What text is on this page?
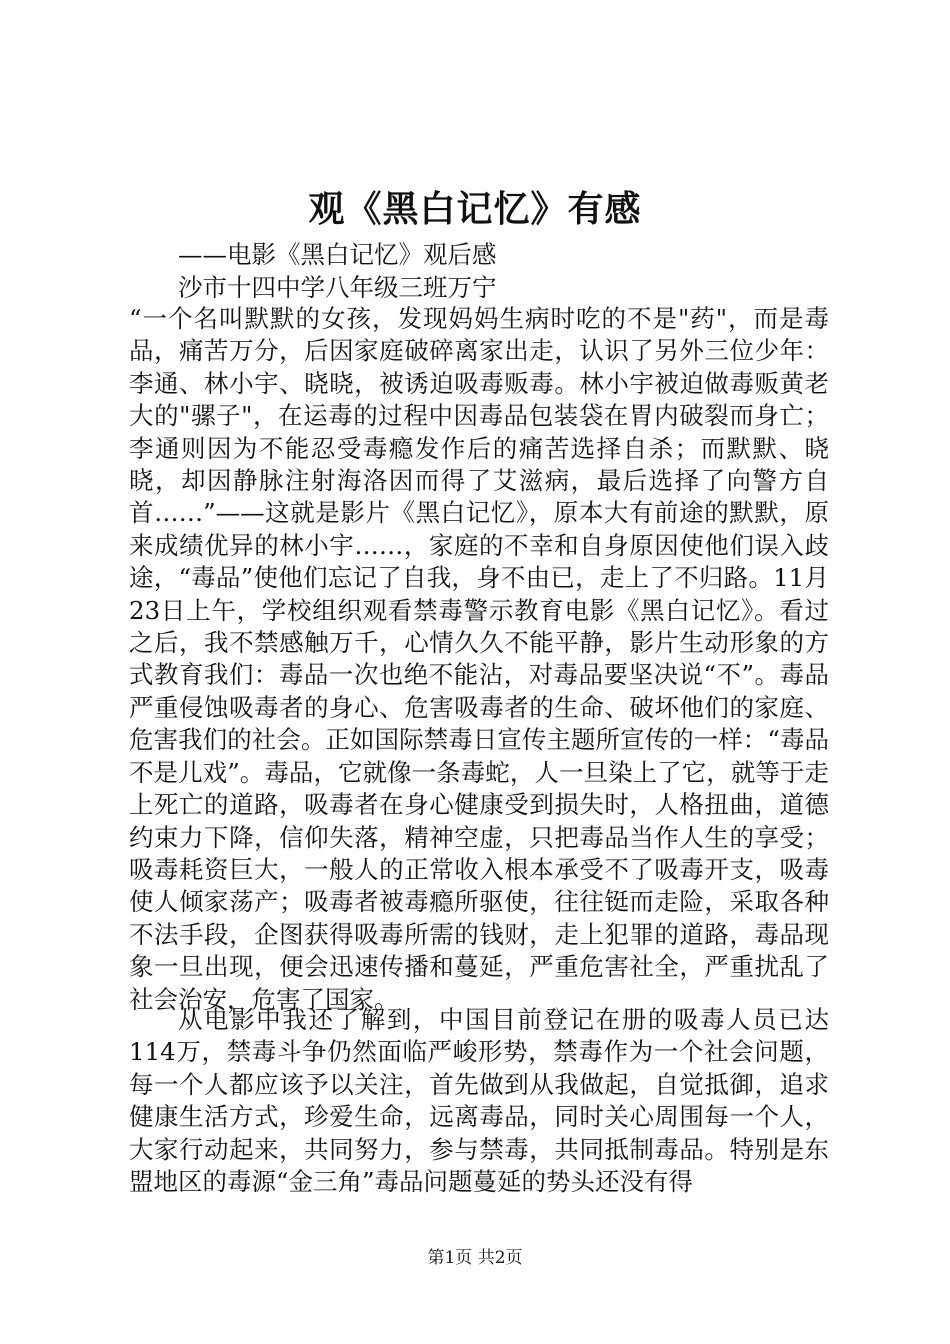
观《黑白记忆》有感
——电影《黑白记忆》观后感
沙市十四中学八年级三班万宁

“一个名叫默默的女孩，发现妈妈生病时吃的不是"药"，而是毒品，痛苦万分，后因家庭破碎离家出走，认识了另外三位少年：李通、林小宇、晓晓，被诱迫吸毒贩毒。林小宇被迫做毒贩黄老大的"骡子"，在运毒的过程中因毒品包装袋在胃内破裂而身亡；李通则因为不能忍受毒瘾发作后的痛苦选择自杀；而默默、晓晓，却因静脉注射海洛因而得了艾滋病，最后选择了向警方自首……”——这就是影片《黑白记忆》，原本大有前途的默默，原来成绩优异的林小宇……，家庭的不幸和自身原因使他们误入歧途，“毒品”使他们忘记了自我，身不由已，走上了不归路。11月23日上午，学校组织观看禁毒警示教育电影《黑白记忆》。看过之后，我不禁感触万千，心情久久不能平静，影片生动形象的方式教育我们：毒品一次也绝不能沾，对毒品要坚决说“不”。毒品严重侵蚀吸毒者的身心、危害吸毒者的生命、破坏他们的家庭、危害我们的社会。正如国际禁毒日宣传主题所宣传的一样：“毒品不是儿戏”。毒品，它就像一条毒蛇，人一旦染上了它，就等于走上死亡的道路，吸毒者在身心健康受到损失时，人格扭曲，道德约束力下降，信仰失落，精神空虚，只把毒品当作人生的享受；吸毒耗资巨大，一般人的正常收入根本承受不了吸毒开支，吸毒使人倾家荡产；吸毒者被毒瘾所驱使，往往铤而走险，采取各种不法手段，企图获得吸毒所需的钱财，走上犯罪的道路，毒品现象一旦出现，便会迅速传播和蔓延，严重危害社全，严重扰乱了社会治安，危害了国家。

从电影中我还了解到，中国目前登记在册的吸毒人员已达114万，禁毒斗争仍然面临严峻形势，禁毒作为一个社会问题，每一个人都应该予以关注，首先做到从我做起，自觉抵御，追求健康生活方式，珍爱生命，远离毒品，同时关心周围每一个人，大家行动起来，共同努力，参与禁毒，共同抵制毒品。特别是东盟地区的毒源“金三角”毒品问题蔓延的势头还没有得

第1页 共2页
